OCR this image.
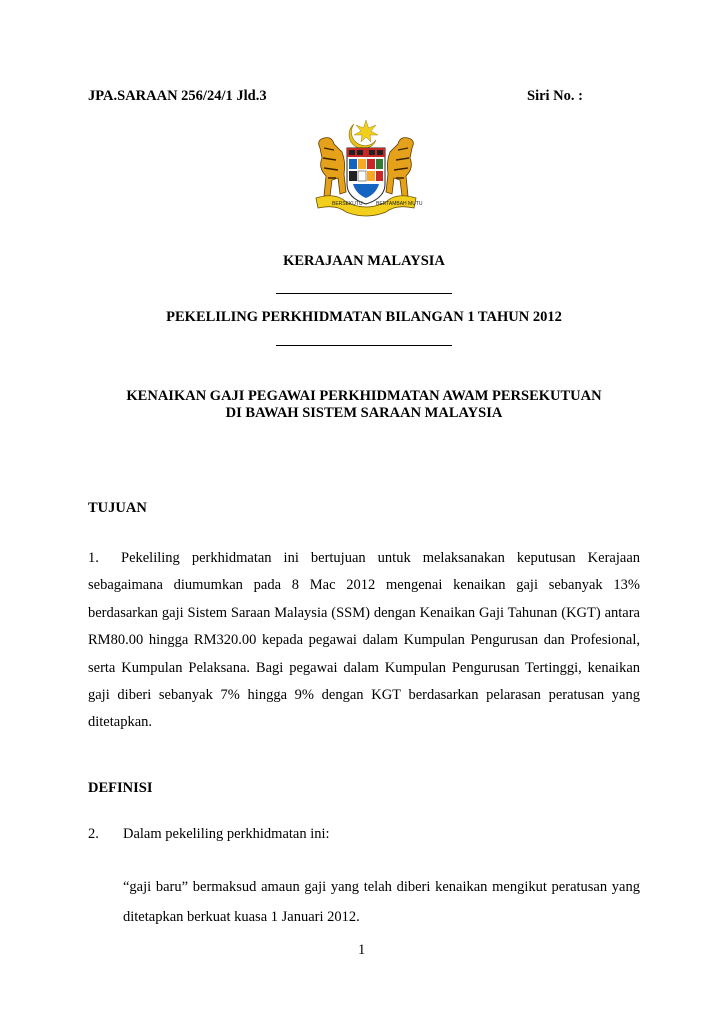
JPA.SARAAN 256/24/1 Jld.3	Siri No. :
BERSEKUTU	BERTAMBAH MUTU
KERAJAAN MALAYSIA
PEKELILING PERKHIDMATAN BILANGAN 1 TAHUN 2012
KENAIKAN GAJI PEGAWAI PERKHIDMATAN AWAM PERSEKUTUAN
DI BAWAH SISTEM SARAAN MALAYSIA
TUJUAN

1. Pekeliling perkhidmatan ini bertujuan untuk melaksanakan keputusan Kerajaan sebagaimana diumumkan pada 8 Mac 2012 mengenai kenaikan gaji sebanyak 13% berdasarkan gaji Sistem Saraan Malaysia (SSM) dengan Kenaikan Gaji Tahunan (KGT) antara RM80.00 hingga RM320.00 kepada pegawai dalam Kumpulan Pengurusan dan Profesional, serta Kumpulan Pelaksana. Bagi pegawai dalam Kumpulan Pengurusan Tertinggi, kenaikan gaji diberi sebanyak 7% hingga 9% dengan KGT berdasarkan pelarasan peratusan yang ditetapkan.

DEFINISI
2. Dalam pekeliling perkhidmatan ini:

“gaji baru” bermaksud amaun gaji yang telah diberi kenaikan mengikut peratusan yang ditetapkan berkuat kuasa 1 Januari 2012.

1
